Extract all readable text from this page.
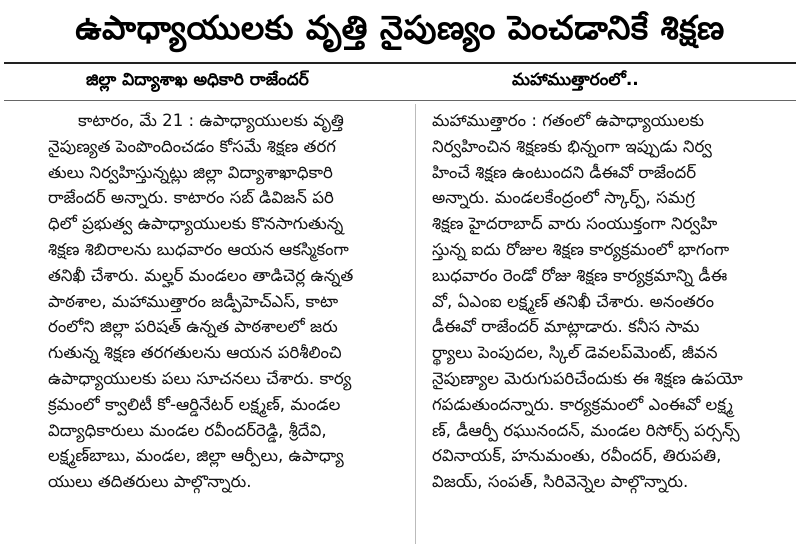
ఉపాధ్యాయులకు వృత్తి నైపుణ్యం పెంచడానికే శిక్షణ
జిల్లా విద్యాశాఖ అధికారి రాజేందర్	మహాముత్తారంలో..
కాటారం, మే 21 : ఉపాధ్యాయులకు వృత్తి
నైపుణ్యత పెంపొందించడం కోసమే శిక్షణ తరగ
తులు నిర్వహిస్తున్నట్లు జిల్లా విద్యాశాఖాధికారి
రాజేందర్ అన్నారు. కాటారం సబ్ డివిజన్ పరి
ధిలో ప్రభుత్వ ఉపాధ్యాయులకు కొనసాగుతున్న
శిక్షణ శిబిరాలను బుధవారం ఆయన ఆకస్మికంగా
తనిఖీ చేశారు. మల్హర్ మండలం తాడిచెర్ల ఉన్నత
పాఠశాల, మహాముత్తారం జడ్పీహెచ్ఎస్, కాటా
రంలోని జిల్లా పరిషత్ ఉన్నత పాఠశాలలో జరు
గుతున్న శిక్షణ తరగతులను ఆయన పరిశీలించి
ఉపాధ్యాయులకు పలు సూచనలు చేశారు. కార్య
క్రమంలో క్వాలిటీ కో-ఆర్డినేటర్ లక్ష్మణ్, మండల
విద్యాధికారులు మండల రవీందర్‌రెడ్డి, శ్రీదేవి,
లక్ష్మణ్‌బాబు, మండల, జిల్లా ఆర్పీలు, ఉపాధ్యా
యులు తదితరులు పాల్గొన్నారు.
మహాముత్తారం : గతంలో ఉపాధ్యాయులకు
నిర్వహించిన శిక్షణకు భిన్నంగా ఇప్పుడు నిర్వ
హించే శిక్షణ ఉంటుందని డీఈవో రాజేందర్
అన్నారు. మండలకేంద్రంలో స్కార్ప్, సమగ్ర
శిక్షణ హైదరాబాద్ వారు సంయుక్తంగా నిర్వహి
స్తున్న ఐదు రోజుల శిక్షణ కార్యక్రమంలో భాగంగా
బుధవారం రెండో రోజు శిక్షణ కార్యక్రమాన్ని డీఈ
వో, ఏఎంఐ లక్ష్మణ్ తనిఖీ చేశారు. అనంతరం
డీఈవో రాజేందర్ మాట్లాడారు. కనీస సామ
ర్థ్యాలు పెంపుదల, స్కిల్ డెవలప్‌మెంట్, జీవన
నైపుణ్యాల మెరుగుపరిచేందుకు ఈ శిక్షణ ఉపయో
గపడుతుందన్నారు. కార్యక్రమంలో ఎంఈవో లక్ష్మ
ణ్, డీఆర్పీ రఘునందన్, మండల రిసోర్స్ పర్సన్స్
రవినాయక్, హనుమంతు, రవీందర్, తిరుపతి,
విజయ్, సంపత్, సిరివెన్నెల పాల్గొన్నారు.
